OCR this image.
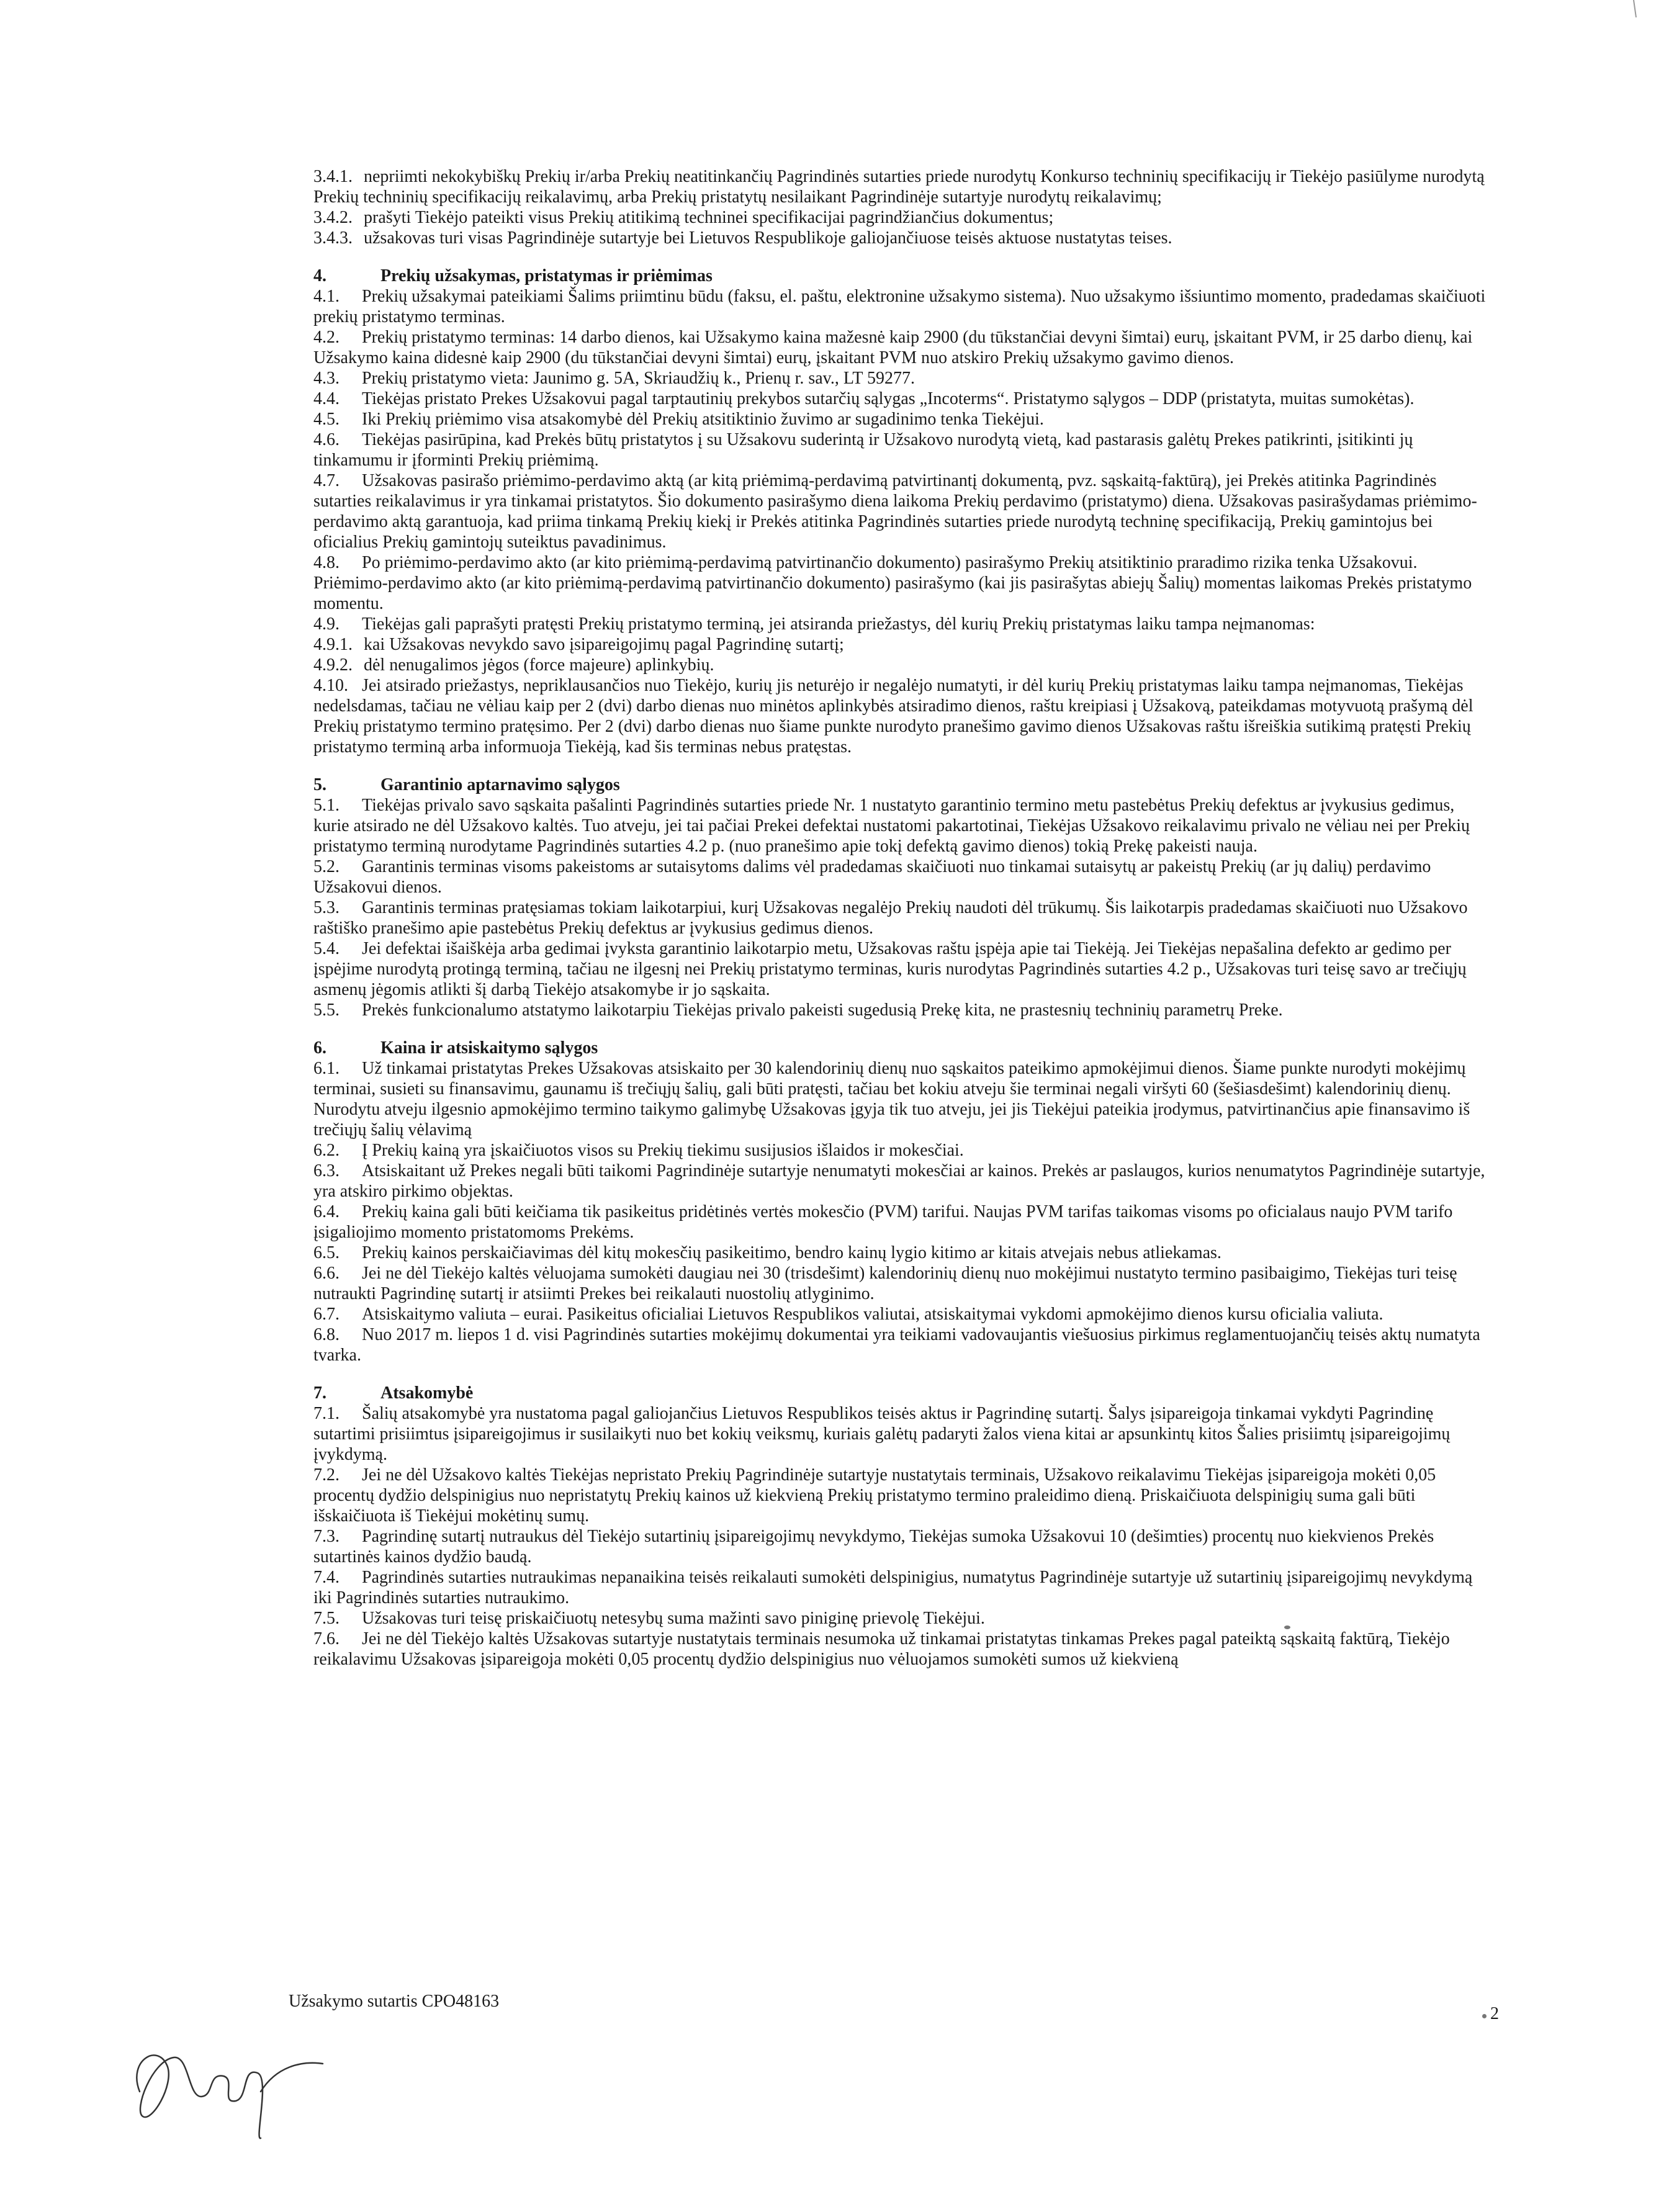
3.4.1. nepriimti nekokybiškų Prekių ir/arba Prekių neatitinkančių Pagrindinės sutarties priede nurodytų Konkurso techninių specifikacijų ir Tiekėjo pasiūlyme nurodytą Prekių techninių specifikacijų reikalavimų, arba Prekių pristatytų nesilaikant Pagrindinėje sutartyje nurodytų reikalavimų;

3.4.2. prašyti Tiekėjo pateikti visus Prekių atitikimą techninei specifikacijai pagrindžiančius dokumentus;

3.4.3. užsakovas turi visas Pagrindinėje sutartyje bei Lietuvos Respublikoje galiojančiuose teisės aktuose nustatytas teises.

4.	Prekių užsakymas, pristatymas ir priėmimas

4.1. Prekių užsakymai pateikiami Šalims priimtinu būdu (faksu, el. paštu, elektronine užsakymo sistema). Nuo užsakymo išsiuntimo momento, pradedamas skaičiuoti prekių pristatymo terminas.

4.2. Prekių pristatymo terminas: 14 darbo dienos, kai Užsakymo kaina mažesnė kaip 2900 (du tūkstančiai devyni šimtai) eurų, įskaitant PVM, ir 25 darbo dienų, kai Užsakymo kaina didesnė kaip 2900 (du tūkstančiai devyni šimtai) eurų, įskaitant PVM nuo atskiro Prekių užsakymo gavimo dienos.

4.3. Prekių pristatymo vieta: Jaunimo g. 5A, Skriaudžių k., Prienų r. sav., LT 59277.

4.4. Tiekėjas pristato Prekes Užsakovui pagal tarptautinių prekybos sutarčių sąlygas „Incoterms“. Pristatymo sąlygos – DDP (pristatyta, muitas sumokėtas).

4.5. Iki Prekių priėmimo visa atsakomybė dėl Prekių atsitiktinio žuvimo ar sugadinimo tenka Tiekėjui.

4.6. Tiekėjas pasirūpina, kad Prekės būtų pristatytos į su Užsakovu suderintą ir Užsakovo nurodytą vietą, kad pastarasis galėtų Prekes patikrinti, įsitikinti jų tinkamumu ir įforminti Prekių priėmimą.

4.7. Užsakovas pasirašo priėmimo-perdavimo aktą (ar kitą priėmimą-perdavimą patvirtinantį dokumentą, pvz. sąskaitą-faktūrą), jei Prekės atitinka Pagrindinės sutarties reikalavimus ir yra tinkamai pristatytos. Šio dokumento pasirašymo diena laikoma Prekių perdavimo (pristatymo) diena. Užsakovas pasirašydamas priėmimo-perdavimo aktą garantuoja, kad priima tinkamą Prekių kiekį ir Prekės atitinka Pagrindinės sutarties priede nurodytą techninę specifikaciją, Prekių gamintojus bei oficialius Prekių gamintojų suteiktus pavadinimus.

4.8. Po priėmimo-perdavimo akto (ar kito priėmimą-perdavimą patvirtinančio dokumento) pasirašymo Prekių atsitiktinio praradimo rizika tenka Užsakovui. Priėmimo-perdavimo akto (ar kito priėmimą-perdavimą patvirtinančio dokumento) pasirašymo (kai jis pasirašytas abiejų Šalių) momentas laikomas Prekės pristatymo momentu.

4.9. Tiekėjas gali paprašyti pratęsti Prekių pristatymo terminą, jei atsiranda priežastys, dėl kurių Prekių pristatymas laiku tampa neįmanomas:

4.9.1. kai Užsakovas nevykdo savo įsipareigojimų pagal Pagrindinę sutartį;

4.9.2. dėl nenugalimos jėgos (force majeure) aplinkybių.

4.10. Jei atsirado priežastys, nepriklausančios nuo Tiekėjo, kurių jis neturėjo ir negalėjo numatyti, ir dėl kurių Prekių pristatymas laiku tampa neįmanomas, Tiekėjas nedelsdamas, tačiau ne vėliau kaip per 2 (dvi) darbo dienas nuo minėtos aplinkybės atsiradimo dienos, raštu kreipiasi į Užsakovą, pateikdamas motyvuotą prašymą dėl Prekių pristatymo termino pratęsimo. Per 2 (dvi) darbo dienas nuo šiame punkte nurodyto pranešimo gavimo dienos Užsakovas raštu išreiškia sutikimą pratęsti Prekių pristatymo terminą arba informuoja Tiekėją, kad šis terminas nebus pratęstas.

5.	Garantinio aptarnavimo sąlygos

5.1. Tiekėjas privalo savo sąskaita pašalinti Pagrindinės sutarties priede Nr. 1 nustatyto garantinio termino metu pastebėtus Prekių defektus ar įvykusius gedimus, kurie atsirado ne dėl Užsakovo kaltės. Tuo atveju, jei tai pačiai Prekei defektai nustatomi pakartotinai, Tiekėjas Užsakovo reikalavimu privalo ne vėliau nei per Prekių pristatymo terminą nurodytame Pagrindinės sutarties 4.2 p. (nuo pranešimo apie tokį defektą gavimo dienos) tokią Prekę pakeisti nauja.

5.2. Garantinis terminas visoms pakeistoms ar sutaisytoms dalims vėl pradedamas skaičiuoti nuo tinkamai sutaisytų ar pakeistų Prekių (ar jų dalių) perdavimo Užsakovui dienos.

5.3. Garantinis terminas pratęsiamas tokiam laikotarpiui, kurį Užsakovas negalėjo Prekių naudoti dėl trūkumų. Šis laikotarpis pradedamas skaičiuoti nuo Užsakovo raštiško pranešimo apie pastebėtus Prekių defektus ar įvykusius gedimus dienos.

5.4. Jei defektai išaiškėja arba gedimai įvyksta garantinio laikotarpio metu, Užsakovas raštu įspėja apie tai Tiekėją. Jei Tiekėjas nepašalina defekto ar gedimo per įspėjime nurodytą protingą terminą, tačiau ne ilgesnį nei Prekių pristatymo terminas, kuris nurodytas Pagrindinės sutarties 4.2 p., Užsakovas turi teisę savo ar trečiųjų asmenų jėgomis atlikti šį darbą Tiekėjo atsakomybe ir jo sąskaita.

5.5. Prekės funkcionalumo atstatymo laikotarpiu Tiekėjas privalo pakeisti sugedusią Prekę kita, ne prastesnių techninių parametrų Preke.

6.	Kaina ir atsiskaitymo sąlygos

6.1. Už tinkamai pristatytas Prekes Užsakovas atsiskaito per 30 kalendorinių dienų nuo sąskaitos pateikimo apmokėjimui dienos. Šiame punkte nurodyti mokėjimų terminai, susieti su finansavimu, gaunamu iš trečiųjų šalių, gali būti pratęsti, tačiau bet kokiu atveju šie terminai negali viršyti 60 (šešiasdešimt) kalendorinių dienų. Nurodytu atveju ilgesnio apmokėjimo termino taikymo galimybę Užsakovas įgyja tik tuo atveju, jei jis Tiekėjui pateikia įrodymus, patvirtinančius apie finansavimo iš trečiųjų šalių vėlavimą

6.2. Į Prekių kainą yra įskaičiuotos visos su Prekių tiekimu susijusios išlaidos ir mokesčiai.

6.3. Atsiskaitant už Prekes negali būti taikomi Pagrindinėje sutartyje nenumatyti mokesčiai ar kainos. Prekės ar paslaugos, kurios nenumatytos Pagrindinėje sutartyje, yra atskiro pirkimo objektas.

6.4. Prekių kaina gali būti keičiama tik pasikeitus pridėtinės vertės mokesčio (PVM) tarifui. Naujas PVM tarifas taikomas visoms po oficialaus naujo PVM tarifo įsigaliojimo momento pristatomoms Prekėms.

6.5. Prekių kainos perskaičiavimas dėl kitų mokesčių pasikeitimo, bendro kainų lygio kitimo ar kitais atvejais nebus atliekamas.

6.6. Jei ne dėl Tiekėjo kaltės vėluojama sumokėti daugiau nei 30 (trisdešimt) kalendorinių dienų nuo mokėjimui nustatyto termino pasibaigimo, Tiekėjas turi teisę nutraukti Pagrindinę sutartį ir atsiimti Prekes bei reikalauti nuostolių atlyginimo.

6.7. Atsiskaitymo valiuta – eurai. Pasikeitus oficialiai Lietuvos Respublikos valiutai, atsiskaitymai vykdomi apmokėjimo dienos kursu oficialia valiuta.

6.8. Nuo 2017 m. liepos 1 d. visi Pagrindinės sutarties mokėjimų dokumentai yra teikiami vadovaujantis viešuosius pirkimus reglamentuojančių teisės aktų numatyta tvarka.

7.	Atsakomybė

7.1. Šalių atsakomybė yra nustatoma pagal galiojančius Lietuvos Respublikos teisės aktus ir Pagrindinę sutartį. Šalys įsipareigoja tinkamai vykdyti Pagrindinę sutartimi prisiimtus įsipareigojimus ir susilaikyti nuo bet kokių veiksmų, kuriais galėtų padaryti žalos viena kitai ar apsunkintų kitos Šalies prisiimtų įsipareigojimų įvykdymą.

7.2. Jei ne dėl Užsakovo kaltės Tiekėjas nepristato Prekių Pagrindinėje sutartyje nustatytais terminais, Užsakovo reikalavimu Tiekėjas įsipareigoja mokėti 0,05 procentų dydžio delspinigius nuo nepristatytų Prekių kainos už kiekvieną Prekių pristatymo termino praleidimo dieną. Priskaičiuota delspinigių suma gali būti išskaičiuota iš Tiekėjui mokėtinų sumų.

7.3. Pagrindinę sutartį nutraukus dėl Tiekėjo sutartinių įsipareigojimų nevykdymo, Tiekėjas sumoka Užsakovui 10 (dešimties) procentų nuo kiekvienos Prekės sutartinės kainos dydžio baudą.

7.4. Pagrindinės sutarties nutraukimas nepanaikina teisės reikalauti sumokėti delspinigius, numatytus Pagrindinėje sutartyje už sutartinių įsipareigojimų nevykdymą iki Pagrindinės sutarties nutraukimo.

7.5. Užsakovas turi teisę priskaičiuotų netesybų suma mažinti savo piniginę prievolę Tiekėjui.

7.6. Jei ne dėl Tiekėjo kaltės Užsakovas sutartyje nustatytais terminais nesumoka už tinkamai pristatytas tinkamas Prekes pagal pateiktą sąskaitą faktūrą, Tiekėjo reikalavimu Užsakovas įsipareigoja mokėti 0,05 procentų dydžio delspinigius nuo vėluojamos sumokėti sumos už kiekvieną

Užsakymo sutartis CPO48163
2
